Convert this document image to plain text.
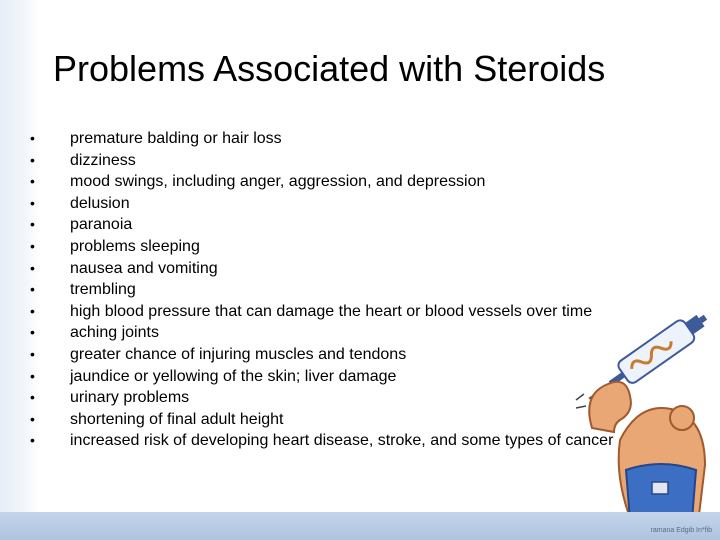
Problems Associated with Steroids
•	premature balding or hair loss
•	dizziness
•	mood swings, including anger, aggression, and depression
•	delusion
•	paranoia
•	problems sleeping
•	nausea and vomiting
•	trembling
•	high blood pressure that can damage the heart or blood vessels over time
•	aching joints
•	greater chance of injuring muscles and tendons
•	jaundice or yellowing of the skin; liver damage
•	urinary problems
•	shortening of final adult height
•	increased risk of developing heart disease, stroke, and some types of cancer
ramana Edgib In*fib
